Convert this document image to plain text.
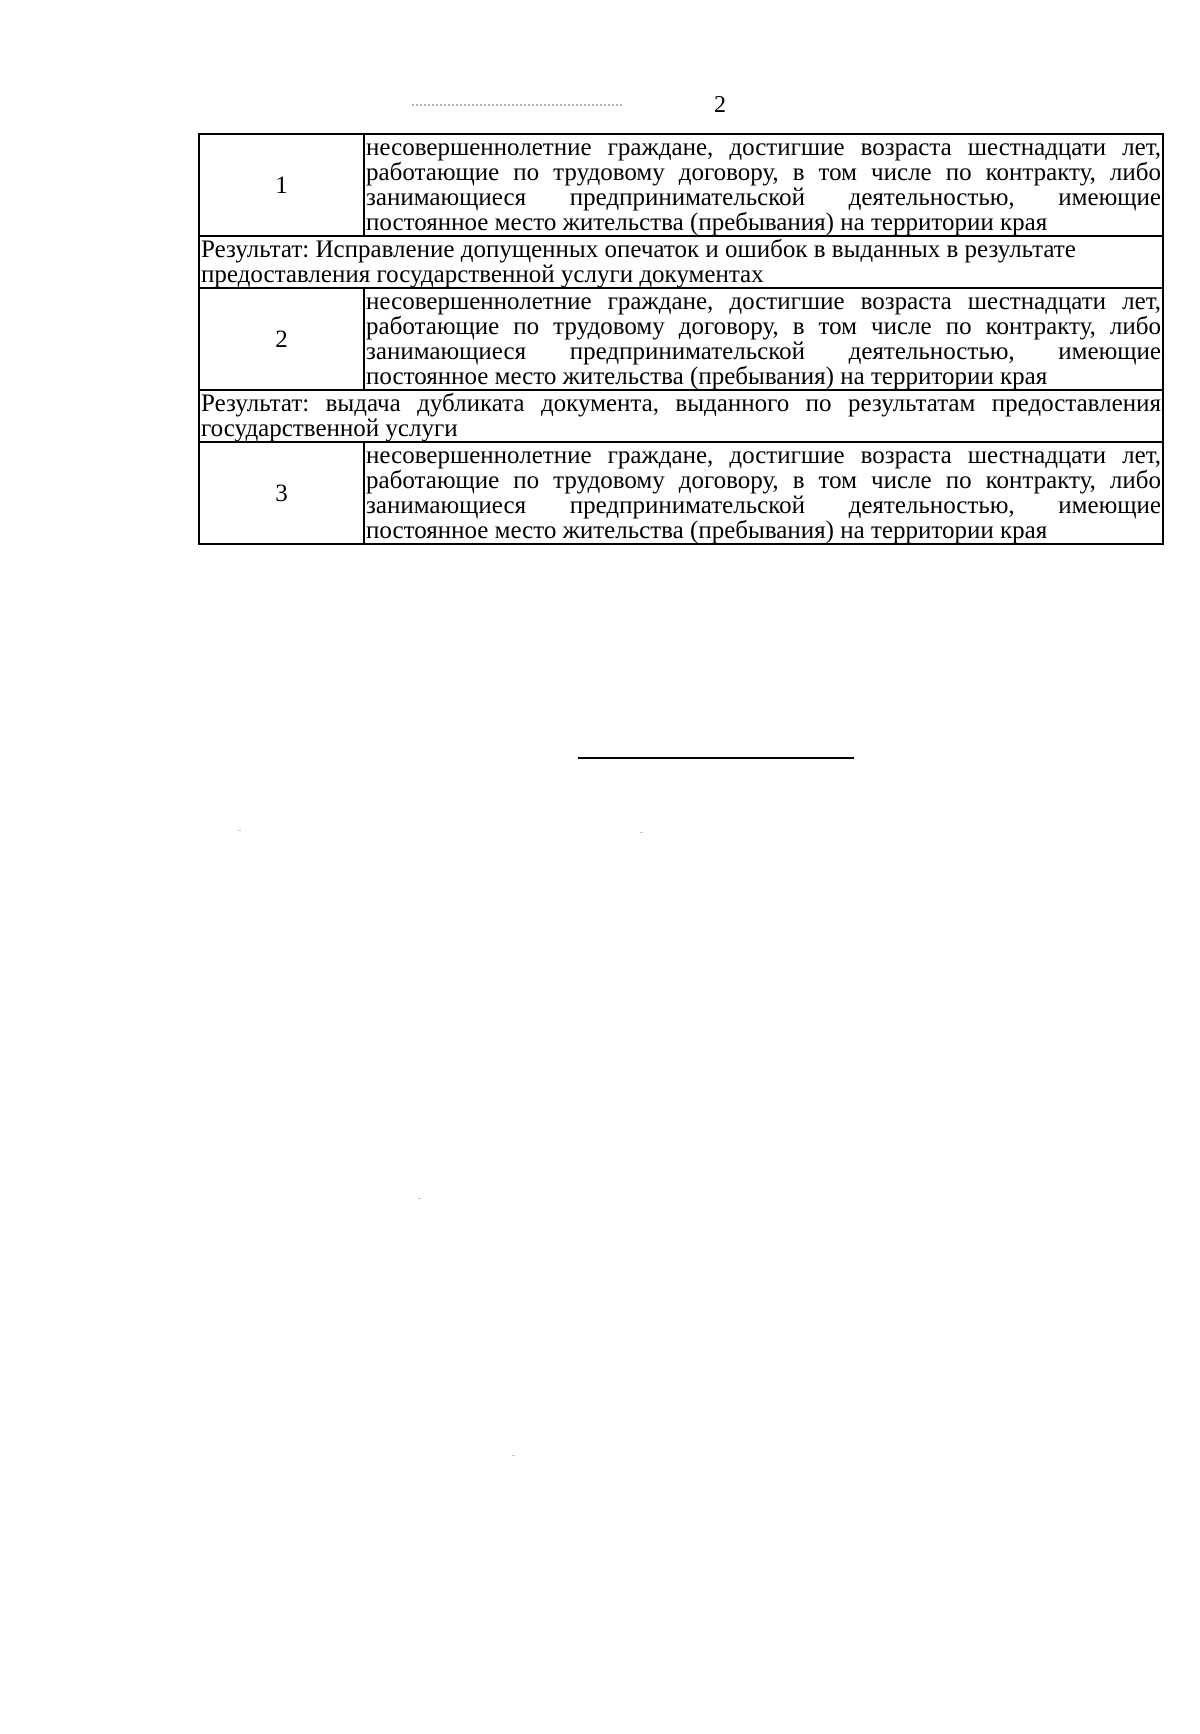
2
1	несовершеннолетние граждане, достигшие возраста шестнадцати лет, работающие по трудовому договору, в том числе по контракту, либо занимающиеся предпринимательской деятельностью, имеющие постоянное место жительства (пребывания) на территории края
Результат: Исправление допущенных опечаток и ошибок в выданных в результате предоставления государственной услуги документах	
2	несовершеннолетние граждане, достигшие возраста шестнадцати лет, работающие по трудовому договору, в том числе по контракту, либо занимающиеся предпринимательской деятельностью, имеющие постоянное место жительства (пребывания) на территории края
Результат: выдача дубликата документа, выданного по результатам предоставления государственной услуги	
3	несовершеннолетние граждане, достигшие возраста шестнадцати лет, работающие по трудовому договору, в том числе по контракту, либо занимающиеся предпринимательской деятельностью, имеющие постоянное место жительства (пребывания) на территории края
